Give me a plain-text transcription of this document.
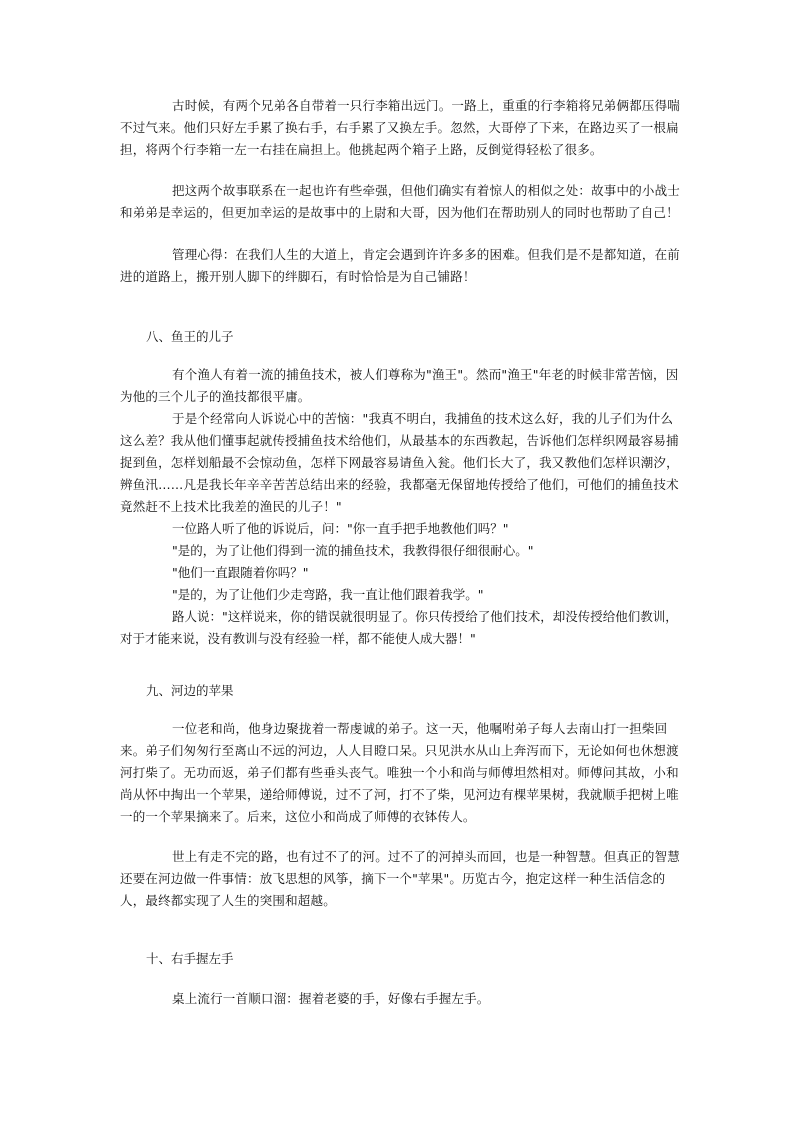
古时候，有两个兄弟各自带着一只行李箱出远门。一路上，重重的行李箱将兄弟俩都压得喘不过气来。他们只好左手累了换右手，右手累了又换左手。忽然，大哥停了下来，在路边买了一根扁担，将两个行李箱一左一右挂在扁担上。他挑起两个箱子上路，反倒觉得轻松了很多。

把这两个故事联系在一起也许有些牵强，但他们确实有着惊人的相似之处：故事中的小战士和弟弟是幸运的，但更加幸运的是故事中的上尉和大哥，因为他们在帮助别人的同时也帮助了自己！

管理心得：在我们人生的大道上，肯定会遇到许许多多的困难。但我们是不是都知道，在前进的道路上，搬开别人脚下的绊脚石，有时恰恰是为自己铺路！

八、鱼王的儿子

有个渔人有着一流的捕鱼技术，被人们尊称为"渔王"。然而"渔王"年老的时候非常苦恼，因为他的三个儿子的渔技都很平庸。

于是个经常向人诉说心中的苦恼："我真不明白，我捕鱼的技术这么好，我的儿子们为什么这么差？我从他们懂事起就传授捕鱼技术给他们，从最基本的东西教起，告诉他们怎样织网最容易捕捉到鱼，怎样划船最不会惊动鱼，怎样下网最容易请鱼入瓮。他们长大了，我又教他们怎样识潮汐，辨鱼汛……凡是我长年辛辛苦苦总结出来的经验，我都毫无保留地传授给了他们，可他们的捕鱼技术竟然赶不上技术比我差的渔民的儿子！"

一位路人听了他的诉说后，问："你一直手把手地教他们吗？"
"是的，为了让他们得到一流的捕鱼技术，我教得很仔细很耐心。"
"他们一直跟随着你吗？"
"是的，为了让他们少走弯路，我一直让他们跟着我学。"
路人说："这样说来，你的错误就很明显了。你只传授给了他们技术，却没传授给他们教训，对于才能来说，没有教训与没有经验一样，都不能使人成大器！"

九、河边的苹果

一位老和尚，他身边聚拢着一帮虔诚的弟子。这一天，他嘱咐弟子每人去南山打一担柴回来。弟子们匆匆行至离山不远的河边，人人目瞪口呆。只见洪水从山上奔泻而下，无论如何也休想渡河打柴了。无功而返，弟子们都有些垂头丧气。唯独一个小和尚与师傅坦然相对。师傅问其故，小和尚从怀中掏出一个苹果，递给师傅说，过不了河，打不了柴，见河边有棵苹果树，我就顺手把树上唯一的一个苹果摘来了。后来，这位小和尚成了师傅的衣钵传人。

世上有走不完的路，也有过不了的河。过不了的河掉头而回，也是一种智慧。但真正的智慧还要在河边做一件事情：放飞思想的风筝，摘下一个"苹果"。历览古今，抱定这样一种生活信念的人，最终都实现了人生的突围和超越。

十、右手握左手

桌上流行一首顺口溜：握着老婆的手，好像右手握左手。
